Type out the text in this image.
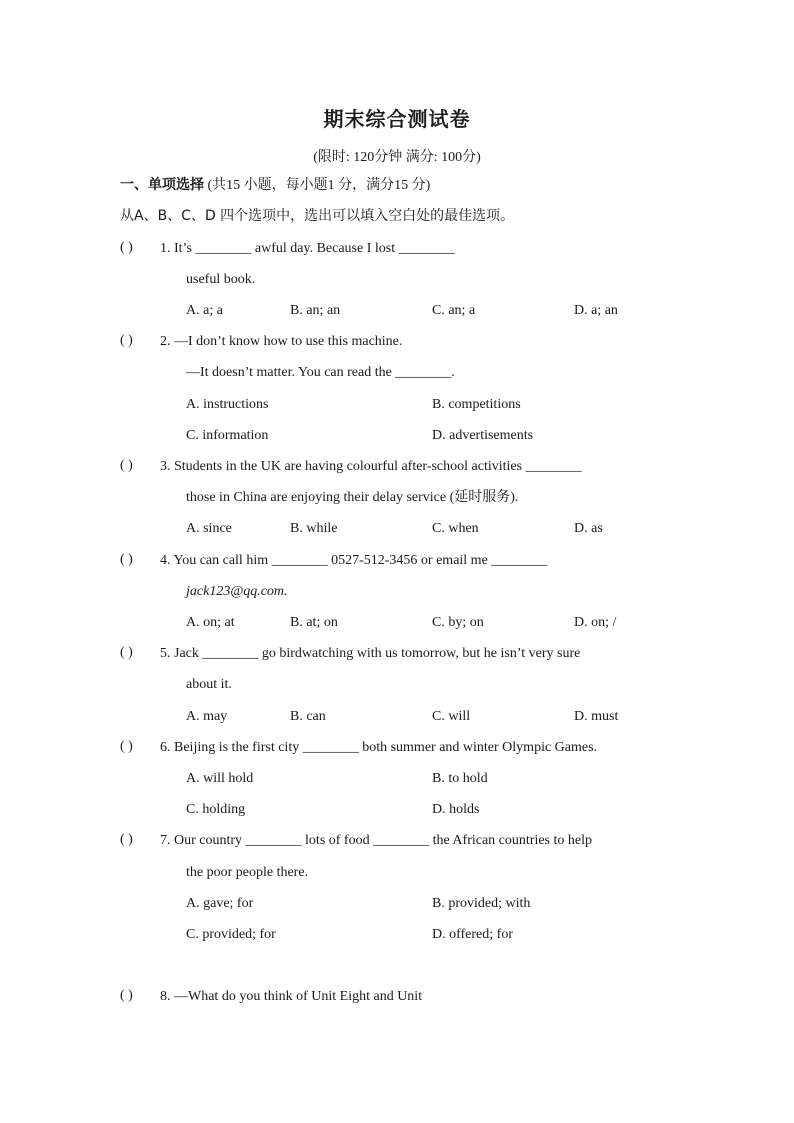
期末综合测试卷
(限时: 120分钟 满分: 100分)
一、单项选择 (共15 小题，每小题1 分，满分15 分)
从A、B、C、D 四个选项中，选出可以填入空白处的最佳选项。
( ) 1. It’s ________ awful day. Because I lost ________
useful book.
A. a; a	B. an; an	C. an; a	D. a; an
( ) 2. —I don’t know how to use this machine.
—It doesn’t matter. You can read the ________.
A. instructions	B. competitions
C. information	D. advertisements
( ) 3. Students in the UK are having colourful after-school activities ________
those in China are enjoying their delay service (延时服务).
A. since	B. while	C. when	D. as
( ) 4. You can call him ________ 0527-512-3456 or email me ________
jack123@qq.com.
A. on; at	B. at; on	C. by; on	D. on; /
( ) 5. Jack ________ go birdwatching with us tomorrow, but he isn’t very sure
about it.
A. may	B. can	C. will	D. must
( ) 6. Beijing is the first city ________ both summer and winter Olympic Games.
A. will hold	B. to hold
C. holding	D. holds
( ) 7. Our country ________ lots of food ________ the African countries to help
the poor people there.
A. gave; for	B. provided; with
C. provided; for	D. offered; for
( ) 8. —What do you think of Unit Eight and Unit
